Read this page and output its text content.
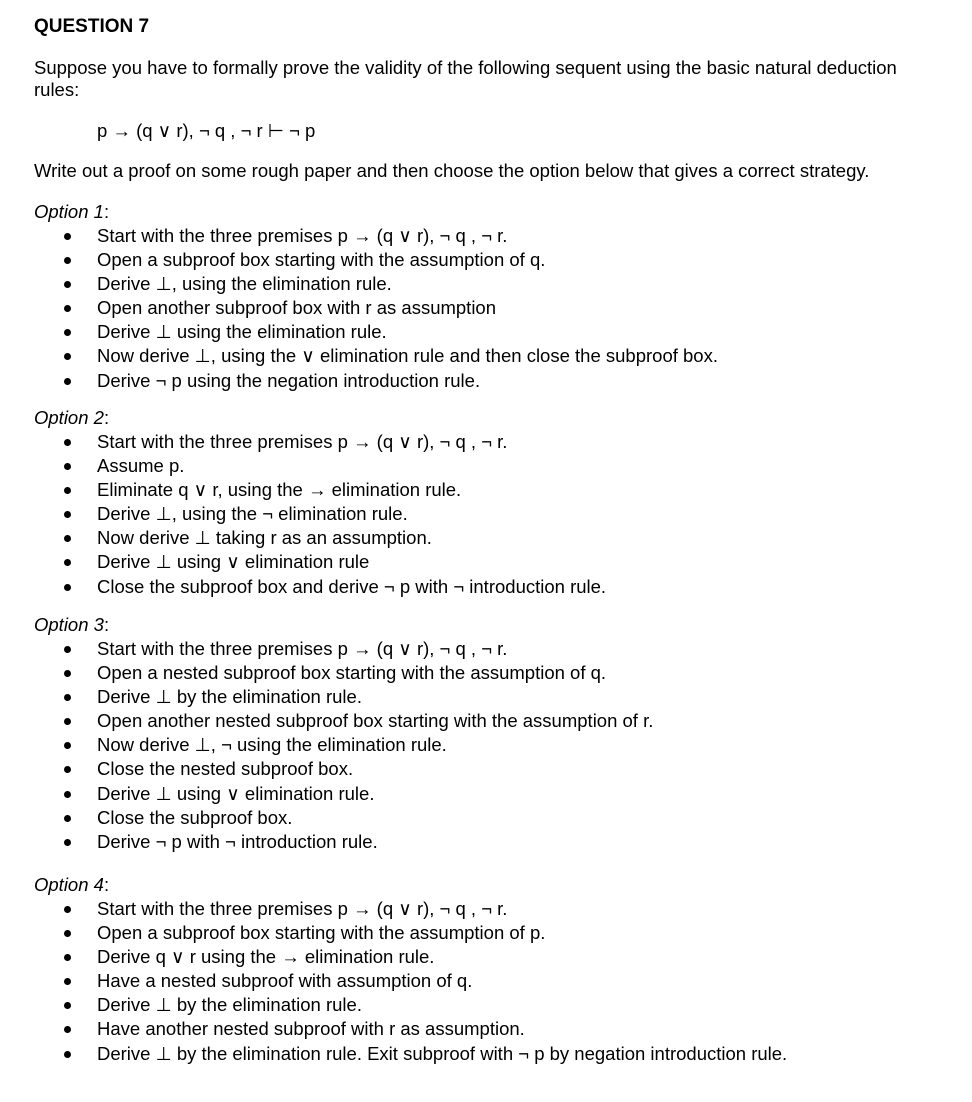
QUESTION 7

Suppose you have to formally prove the validity of the following sequent using the basic natural deduction rules:

p → (q ∨ r), ¬ q , ¬ r ⊢ ¬ p

Write out a proof on some rough paper and then choose the option below that gives a correct strategy.

Option 1:

Start with the three premises p → (q ∨ r), ¬ q , ¬ r.
Open a subproof box starting with the assumption of q.
Derive ⊥, using the elimination rule.
Open another subproof box with r as assumption
Derive ⊥ using the elimination rule.
Now derive ⊥, using the ∨ elimination rule and then close the subproof box.
Derive ¬ p using the negation introduction rule.

Option 2:

Start with the three premises p → (q ∨ r), ¬ q , ¬ r.
Assume p.
Eliminate q ∨ r, using the → elimination rule.
Derive ⊥, using the ¬ elimination rule.
Now derive ⊥ taking r as an assumption.
Derive ⊥ using ∨ elimination rule
Close the subproof box and derive ¬ p with ¬ introduction rule.

Option 3:

Start with the three premises p → (q ∨ r), ¬ q , ¬ r.
Open a nested subproof box starting with the assumption of q.
Derive ⊥ by the elimination rule.
Open another nested subproof box starting with the assumption of r.
Now derive ⊥, ¬ using the elimination rule.
Close the nested subproof box.
Derive ⊥ using ∨ elimination rule.
Close the subproof box.
Derive ¬ p with ¬ introduction rule.

Option 4:

Start with the three premises p → (q ∨ r), ¬ q , ¬ r.
Open a subproof box starting with the assumption of p.
Derive q ∨ r using the → elimination rule.
Have a nested subproof with assumption of q.
Derive ⊥ by the elimination rule.
Have another nested subproof with r as assumption.
Derive ⊥ by the elimination rule. Exit subproof with ¬ p by negation introduction rule.
